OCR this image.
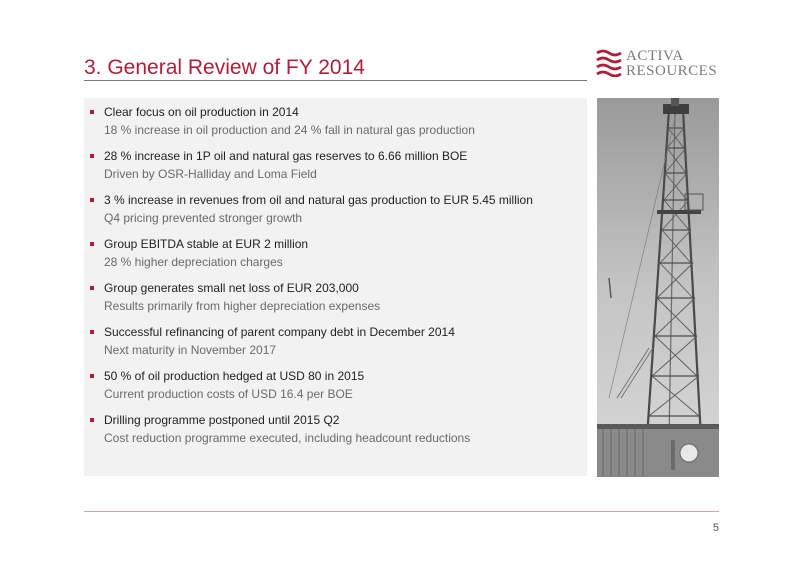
3. General Review of FY 2014	ACTIVA
RESOURCES
Clear focus on oil production in 2014
18 % increase in oil production and 24 % fall in natural gas production
28 % increase in 1P oil and natural gas reserves to 6.66 million BOE
Driven by OSR-Halliday and Loma Field
3 % increase in revenues from oil and natural gas production to EUR 5.45 million
Q4 pricing prevented stronger growth
Group EBITDA stable at EUR 2 million
28 % higher depreciation charges
Group generates small net loss of EUR 203,000
Results primarily from higher depreciation expenses
Successful refinancing of parent company debt in December 2014
Next maturity in November 2017
50 % of oil production hedged at USD 80 in 2015
Current production costs of USD 16.4 per BOE
Drilling programme postponed until 2015 Q2
Cost reduction programme executed, including headcount reductions
5
